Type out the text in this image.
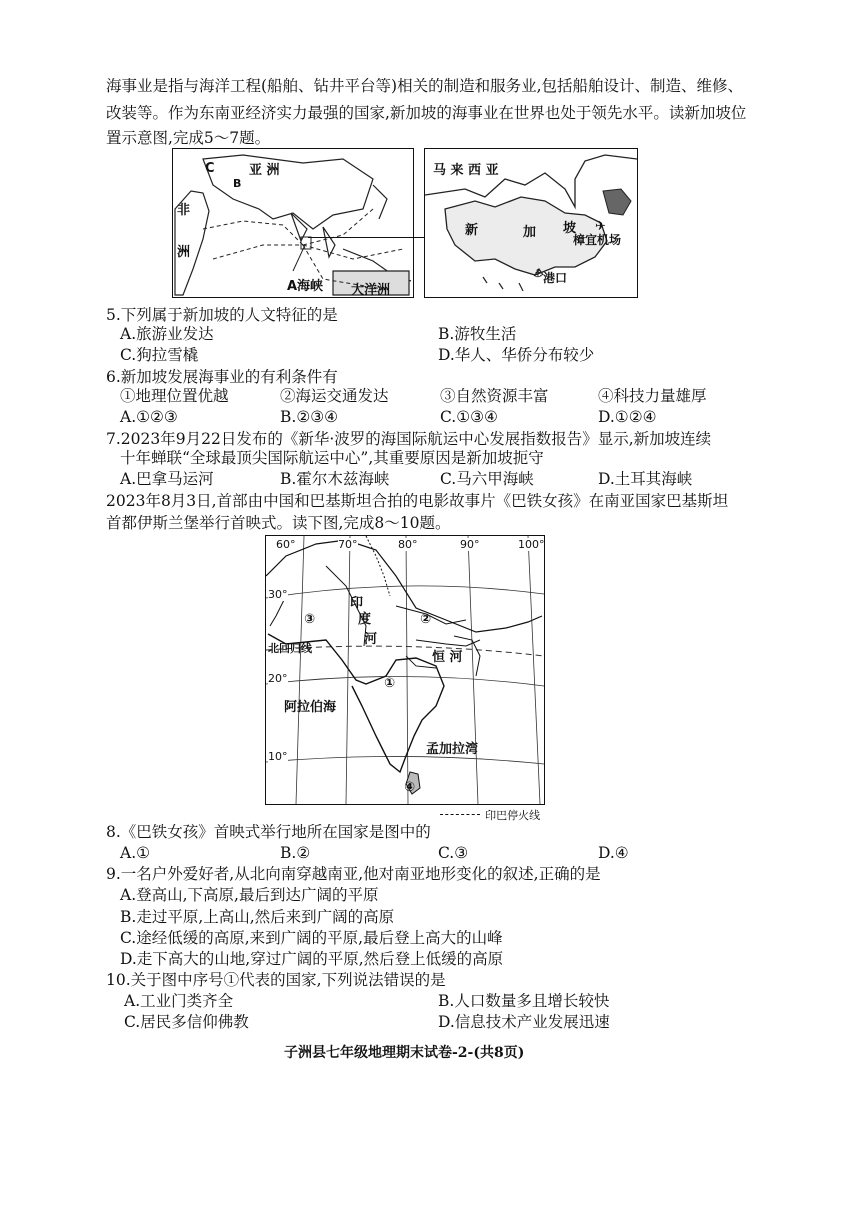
海事业是指与海洋工程(船舶、钻井平台等)相关的制造和服务业,包括船舶设计、制造、维修、
改装等。作为东南亚经济实力最强的国家,新加坡的海事业在世界也处于领先水平。读新加坡位
置示意图,完成5～7题。
C	亚 洲
非
洲
B
A海峡 大洋洲
马 来 西 亚
新	加 坡 ✈
樟宜机场
⚓ 港口
5.下列属于新加坡的人文特征的是
A.旅游业发达	B.游牧生活
C.狗拉雪橇	D.华人、华侨分布较少
6.新加坡发展海事业的有利条件有
①地理位置优越	②海运交通发达	③自然资源丰富	④科技力量雄厚
A.①②③	B.②③④	C.①③④	D.①②④
7.2023年9月22日发布的《新华·波罗的海国际航运中心发展指数报告》显示,新加坡连续
十年蝉联“全球最顶尖国际航运中心”,其重要原因是新加坡扼守
A.巴拿马运河	B.霍尔木兹海峡	C.马六甲海峡	D.土耳其海峡
2023年8月3日,首部由中国和巴基斯坦合拍的电影故事片《巴铁女孩》在南亚国家巴基斯坦
首都伊斯兰堡举行首映式。读下图,完成8～10题。
60°	70°	80°	90°	100°
30°
20°
10°
印
度
河
③	②
北回归线
恒 河
①
阿拉伯海
孟加拉湾
④
印巴停火线
8.《巴铁女孩》首映式举行地所在国家是图中的
A.①	B.②	C.③	D.④
9.一名户外爱好者,从北向南穿越南亚,他对南亚地形变化的叙述,正确的是
A.登高山,下高原,最后到达广阔的平原
B.走过平原,上高山,然后来到广阔的高原
C.途经低缓的高原,来到广阔的平原,最后登上高大的山峰
D.走下高大的山地,穿过广阔的平原,然后登上低缓的高原
10.关于图中序号①代表的国家,下列说法错误的是
A.工业门类齐全	B.人口数量多且增长较快
C.居民多信仰佛教	D.信息技术产业发展迅速
子洲县七年级地理期末试卷-2-(共8页)
